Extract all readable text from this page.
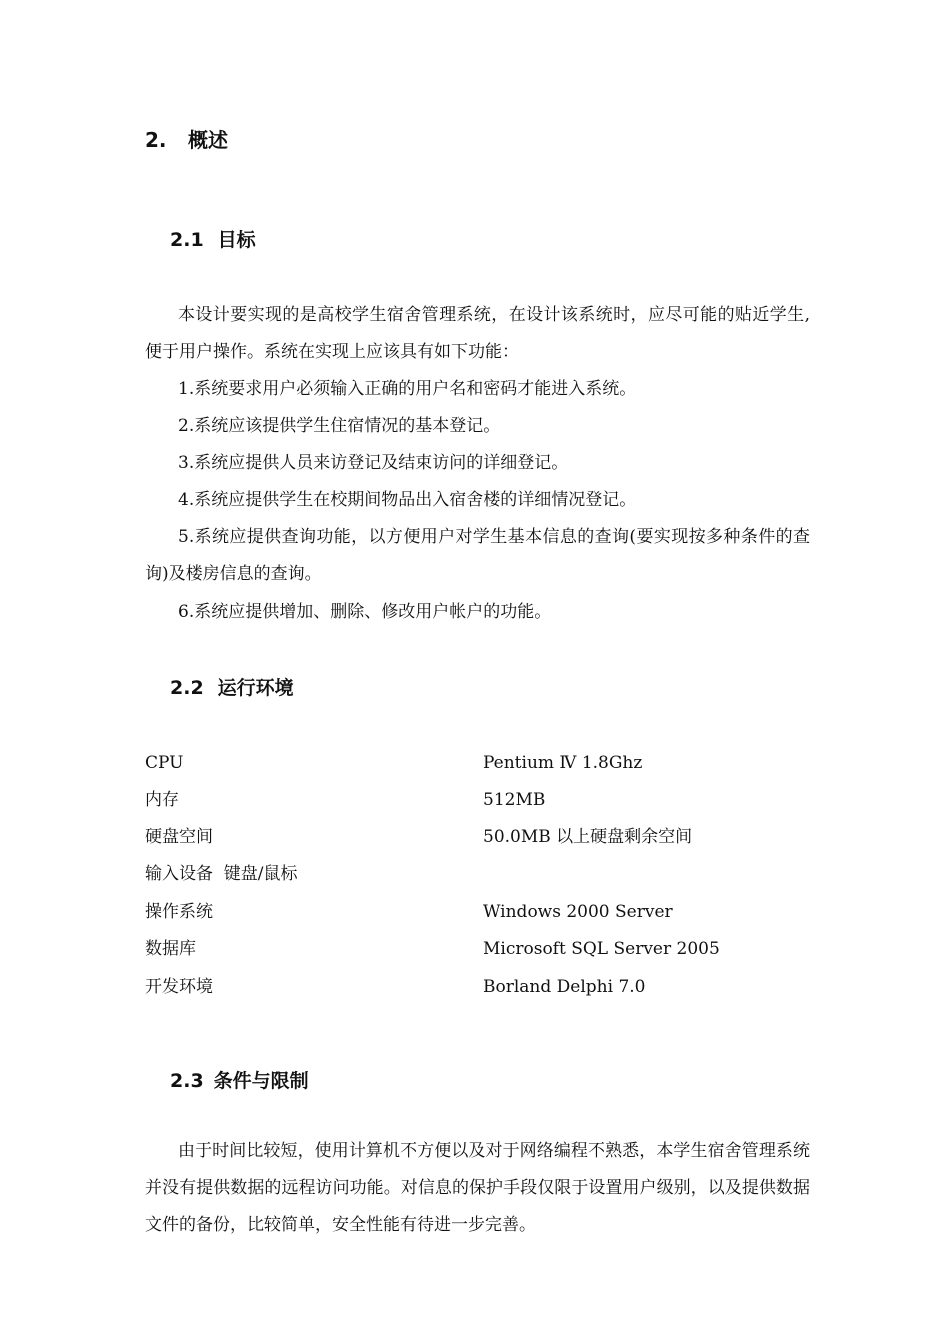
2. 概述
2.1 目标
本设计要实现的是高校学生宿舍管理系统，在设计该系统时，应尽可能的贴近学生,便于用户操作。系统在实现上应该具有如下功能：
1.系统要求用户必须输入正确的用户名和密码才能进入系统。
2.系统应该提供学生住宿情况的基本登记。
3.系统应提供人员来访登记及结束访问的详细登记。
4.系统应提供学生在校期间物品出入宿舍楼的详细情况登记。
5.系统应提供查询功能，以方便用户对学生基本信息的查询(要实现按多种条件的查询)及楼房信息的查询。
6.系统应提供增加、删除、修改用户帐户的功能。
2.2 运行环境
CPU	Pentium Ⅳ 1.8Ghz
内存	512MB
硬盘空间	50.0MB 以上硬盘剩余空间
输入设备  键盘/鼠标
操作系统	Windows 2000 Server
数据库	Microsoft SQL Server 2005
开发环境	Borland Delphi 7.0
2.3 条件与限制
由于时间比较短，使用计算机不方便以及对于网络编程不熟悉，本学生宿舍管理系统并没有提供数据的远程访问功能。对信息的保护手段仅限于设置用户级别，以及提供数据文件的备份，比较简单，安全性能有待进一步完善。
